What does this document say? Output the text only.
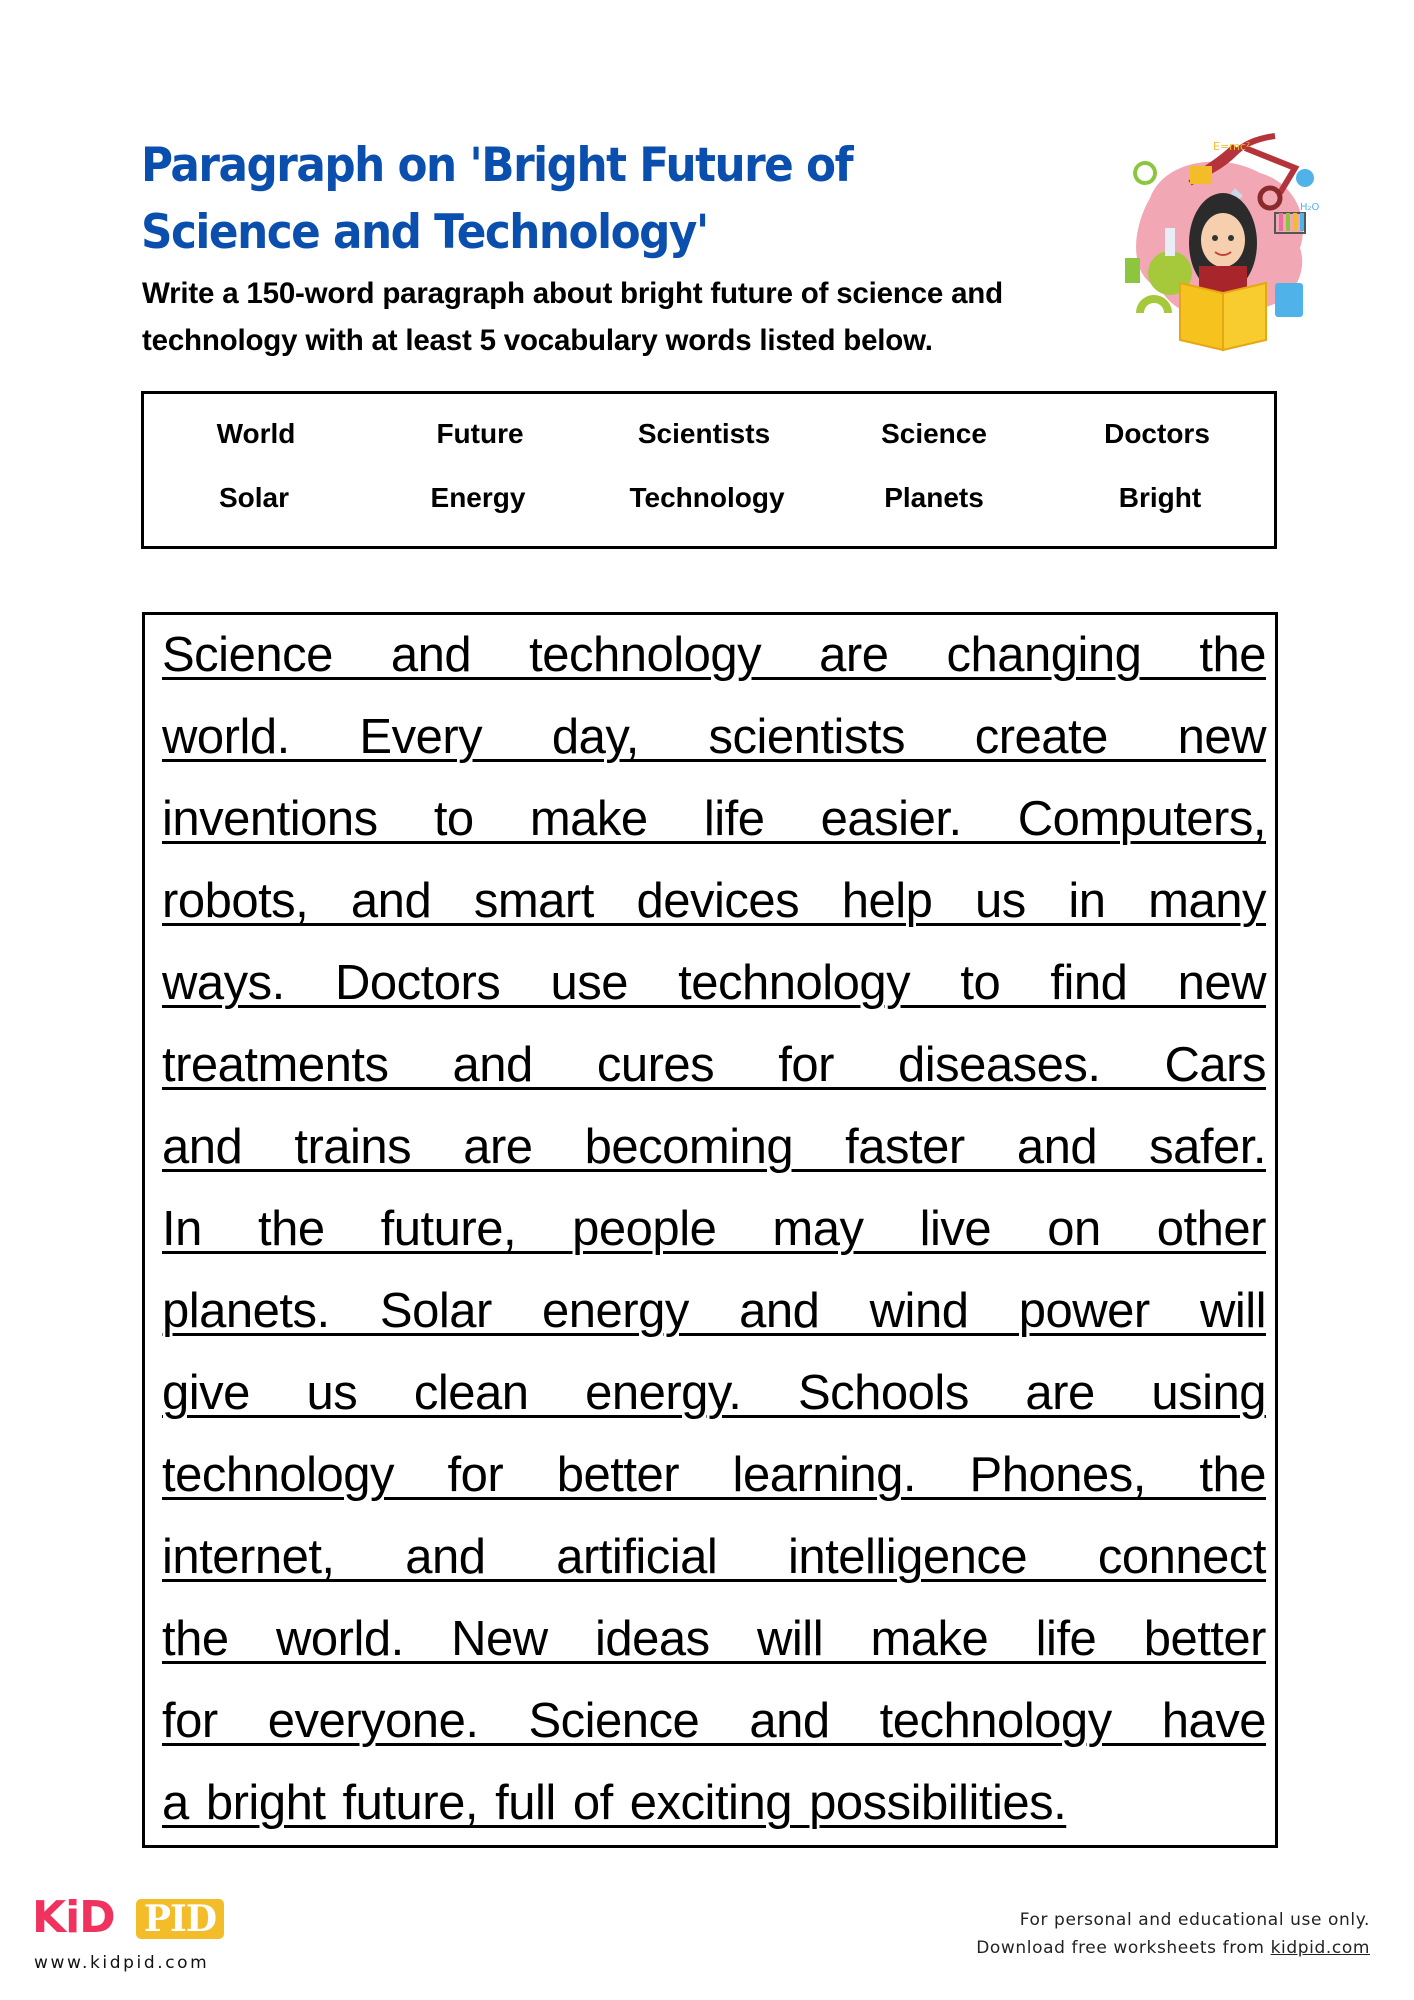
Paragraph on 'Bright Future of Science and Technology'

Write a 150-word paragraph about bright future of science and technology with at least 5 vocabulary words listed below.

E=mc²
H₂O
World	Future	Scientists	Science	Doctors
Solar	Energy	Technology	Planets	Bright
Science and technology are changing the
world. Every day, scientists create new
inventions to make life easier. Computers,
robots, and smart devices help us in many
ways. Doctors use technology to find new
treatments and cures for diseases. Cars
and trains are becoming faster and safer.
In the future, people may live on other
planets. Solar energy and wind power will
give us clean energy. Schools are using
technology for better learning. Phones, the
internet, and artificial intelligence connect
the world. New ideas will make life better
for everyone. Science and technology have
a bright future, full of exciting possibilities.
KiD PID
www.kidpid.com
For personal and educational use only.
Download free worksheets from kidpid.com
